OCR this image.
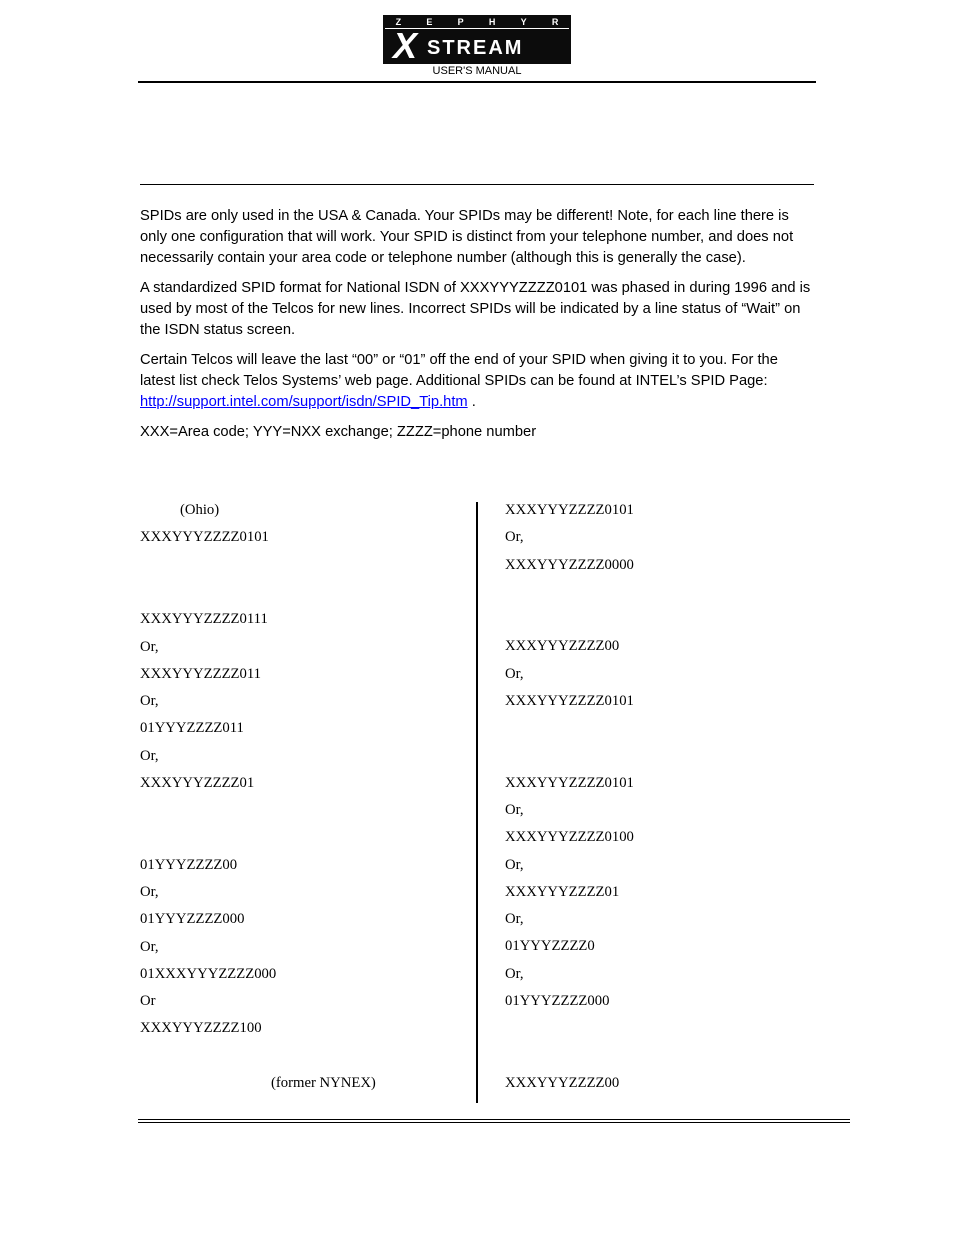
Z	E	P	H	Y	R
X STREAM
USER'S MANUAL

SPIDs are only used in the USA & Canada. Your SPIDs may be different! Note, for each line there is only one configuration that will work. Your SPID is distinct from your telephone number, and does not necessarily contain your area code or telephone number (although this is generally the case).

A standardized SPID format for National ISDN of XXXYYYZZZZ0101 was phased in during 1996 and is used by most of the Telcos for new lines. Incorrect SPIDs will be indicated by a line status of “Wait” on the ISDN status screen.

Certain Telcos will leave the last “00” or “01” off the end of your SPID when giving it to you. For the latest list check Telos Systems’ web page. Additional SPIDs can be found at INTEL’s SPID Page: http://support.intel.com/support/isdn/SPID_Tip.htm .

XXX=Area code; YYY=NXX exchange; ZZZZ=phone number

(Ohio)
XXXYYYZZZZ0101
XXXYYYZZZZ0111
Or,
XXXYYYZZZZ011
Or,
01YYYZZZZ011
Or,
XXXYYYZZZZ01
01YYYZZZZ00
Or,
01YYYZZZZ000
Or,
01XXXYYYZZZZ000
Or
XXXYYYZZZZ100
(former NYNEX)
XXXYYYZZZZ0101
Or,
XXXYYYZZZZ0000
XXXYYYZZZZ00
Or,
XXXYYYZZZZ0101
XXXYYYZZZZ0101
Or,
XXXYYYZZZZ0100
Or,
XXXYYYZZZZ01
Or,
01YYYZZZZ0
Or,
01YYYZZZZ000
XXXYYYZZZZ00
